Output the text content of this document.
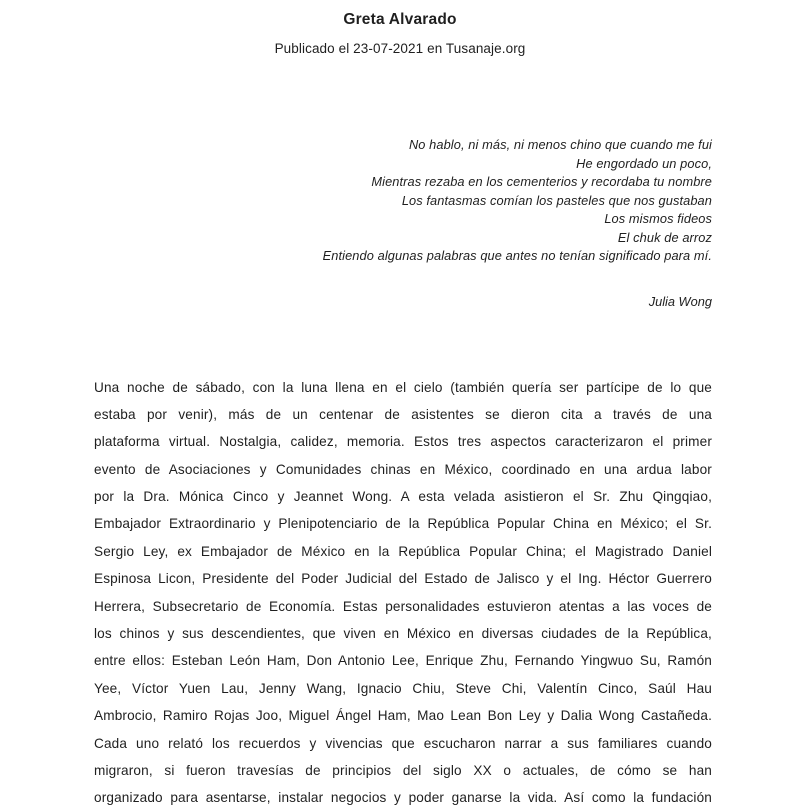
Greta Alvarado
Publicado el 23-07-2021 en Tusanaje.org
No hablo, ni más, ni menos chino que cuando me fui
He engordado un poco,
Mientras rezaba en los cementerios y recordaba tu nombre
Los fantasmas comían los pasteles que nos gustaban
Los mismos fideos
El chuk de arroz
Entiendo algunas palabras que antes no tenían significado para mí.
Julia Wong
Una noche de sábado, con la luna llena en el cielo (también quería ser partícipe de lo que
estaba por venir), más de un centenar de asistentes se dieron cita a través de una
plataforma virtual. Nostalgia, calidez, memoria. Estos tres aspectos caracterizaron el primer
evento de Asociaciones y Comunidades chinas en México, coordinado en una ardua labor
por la Dra. Mónica Cinco y Jeannet Wong. A esta velada asistieron el Sr. Zhu Qingqiao,
Embajador Extraordinario y Plenipotenciario de la República Popular China en México; el Sr.
Sergio Ley, ex Embajador de México en la República Popular China; el Magistrado Daniel
Espinosa Licon, Presidente del Poder Judicial del Estado de Jalisco y el Ing. Héctor Guerrero
Herrera, Subsecretario de Economía. Estas personalidades estuvieron atentas a las voces de
los chinos y sus descendientes, que viven en México en diversas ciudades de la República,
entre ellos: Esteban León Ham, Don Antonio Lee, Enrique Zhu, Fernando Yingwuo Su, Ramón
Yee, Víctor Yuen Lau, Jenny Wang, Ignacio Chiu, Steve Chi, Valentín Cinco, Saúl Hau
Ambrocio, Ramiro Rojas Joo, Miguel Ángel Ham, Mao Lean Bon Ley y Dalia Wong Castañeda.
Cada uno relató los recuerdos y vivencias que escucharon narrar a sus familiares cuando
migraron, si fueron travesías de principios del siglo XX o actuales, de cómo se han
organizado para asentarse, instalar negocios y poder ganarse la vida. Así como la fundación
